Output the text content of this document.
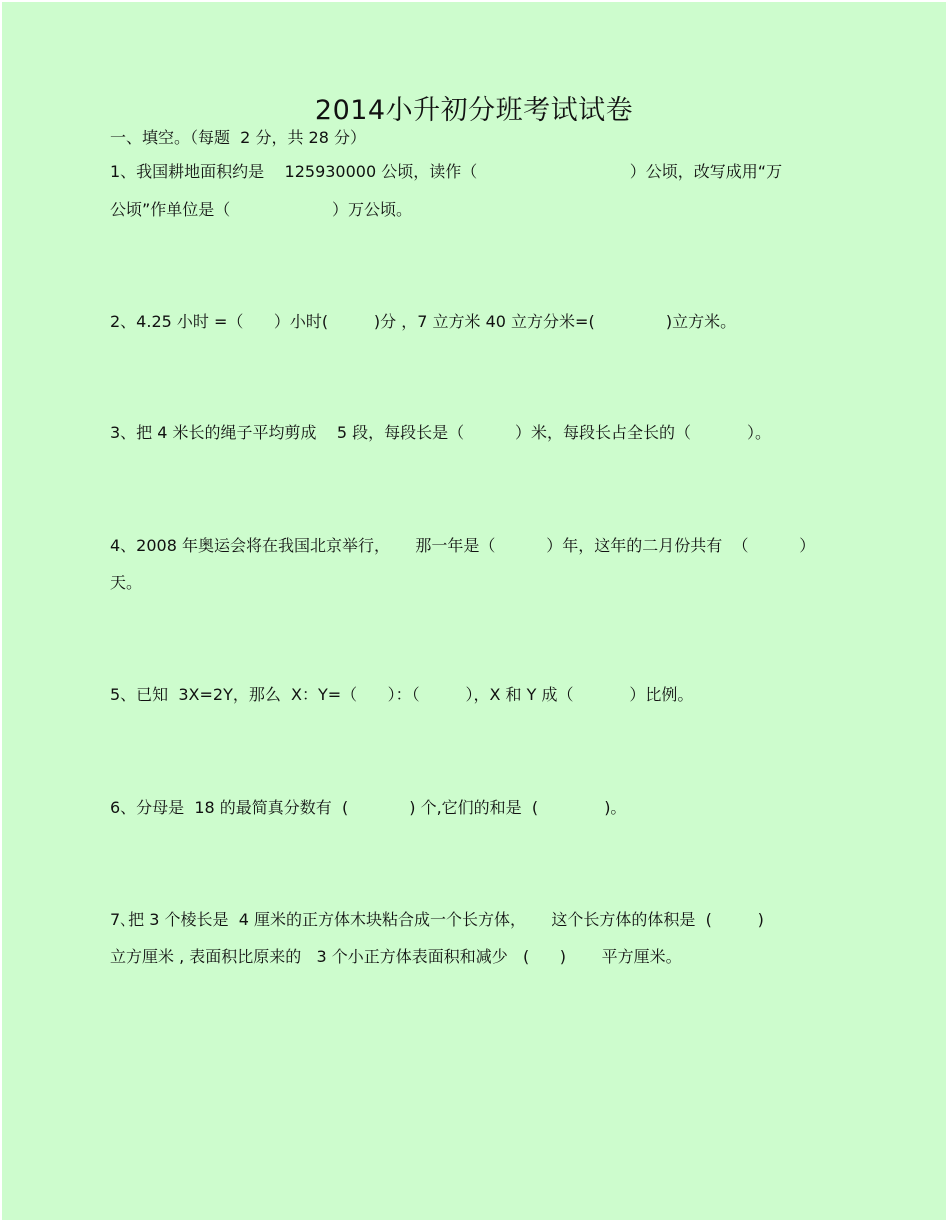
2014小升初分班考试试卷
一、填空。（每题  2 分，共 28 分）
1、我国耕地面积约是    125930000 公顷，读作（                              ）公顷，改写成用“万
公顷”作单位是（                    ）万公顷。
2、4.25 小时 =（      ）小时(         )分 ，7 立方米 40 立方分米=(              )立方米。
3、把 4 米长的绳子平均剪成    5 段，每段长是（          ）米，每段长占全长的（           ）。
4、2008 年奥运会将在我国北京举行，     那一年是（          ）年，这年的二月份共有  （          ）
天。
5、已知  3X=2Y，那么  X：Y=（      ）：（         ），X 和 Y 成（           ）比例。
6、分母是  18 的最简真分数有  (            ) 个,它们的和是  (             )。
7､把 3 个棱长是  4 厘米的正方体木块粘合成一个长方体，     这个长方体的体积是  (         )
立方厘米 , 表面积比原来的   3 个小正方体表面积和减少   (      )       平方厘米。
